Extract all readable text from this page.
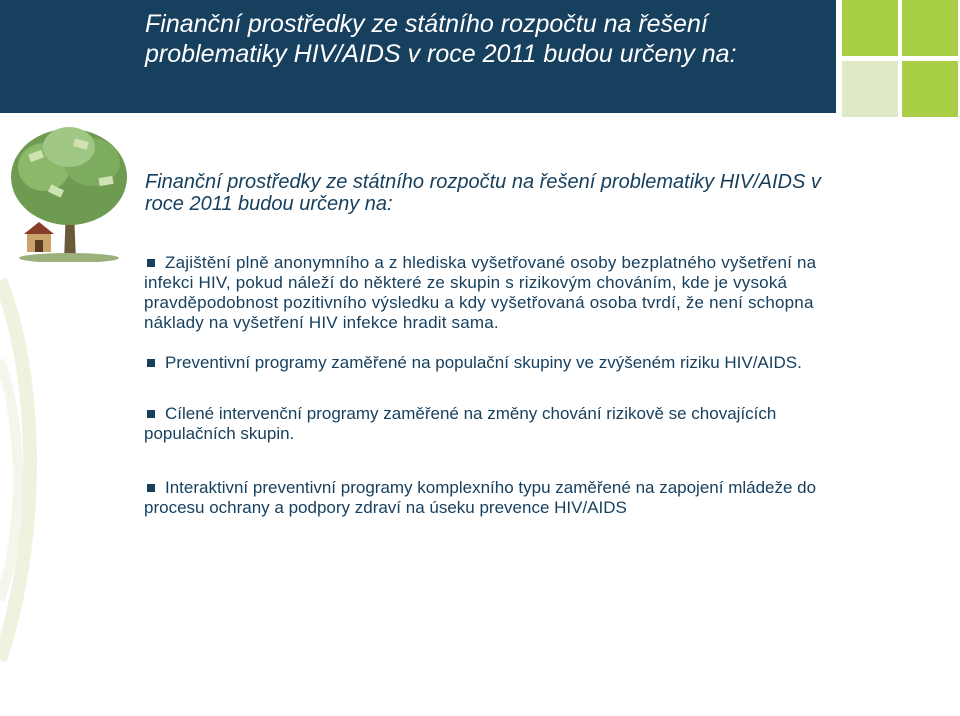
Finanční prostředky ze státního rozpočtu na řešení problematiky HIV/AIDS v roce 2011 budou určeny na:
Finanční prostředky ze státního rozpočtu na řešení problematiky HIV/AIDS v roce 2011 budou určeny na:
Zajištění plně anonymního a z hlediska vyšetřované osoby bezplatného vyšetření na infekci HIV, pokud náleží do některé ze skupin s rizikovým chováním, kde je vysoká pravděpodobnost pozitivního výsledku a kdy vyšetřovaná osoba tvrdí, že není schopna náklady na vyšetření HIV infekce hradit sama.
Preventivní programy zaměřené na populační skupiny ve zvýšeném riziku HIV/AIDS.
Cílené intervenční programy zaměřené na změny chování rizikově se chovajících populačních skupin.
Interaktivní preventivní programy komplexního typu zaměřené na zapojení mládeže do procesu ochrany a podpory zdraví na úseku prevence HIV/AIDS
